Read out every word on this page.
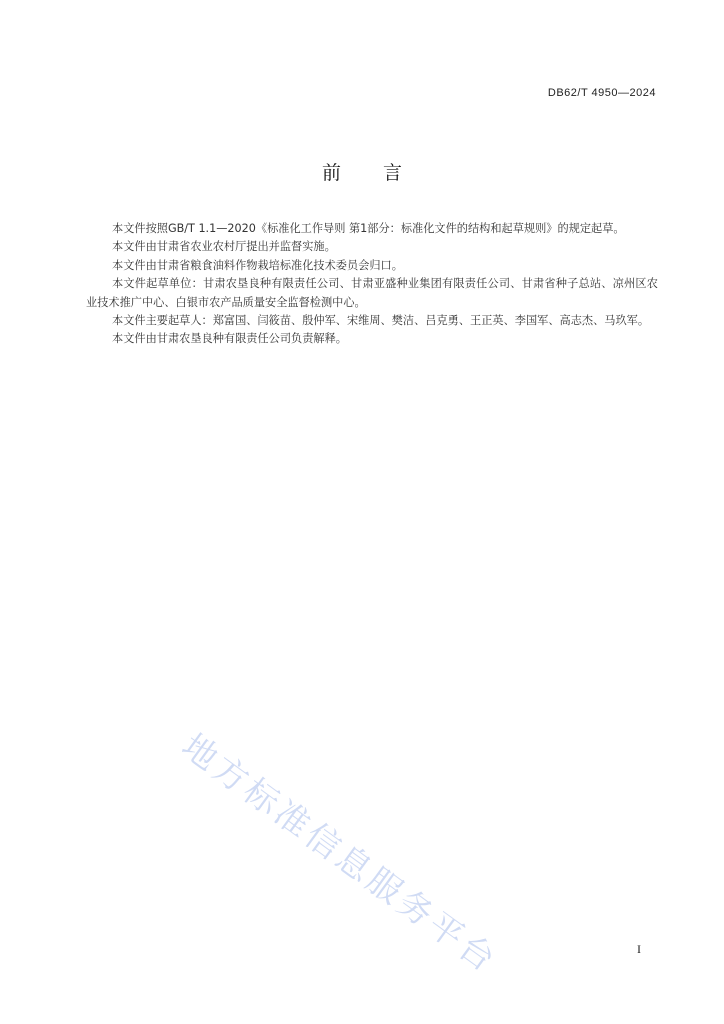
DB62/T 4950—2024
前言

本文件按照GB/T 1.1—2020《标准化工作导则 第1部分：标准化文件的结构和起草规则》的规定起草。

本文件由甘肃省农业农村厅提出并监督实施。

本文件由甘肃省粮食油料作物栽培标准化技术委员会归口。

本文件起草单位：甘肃农垦良种有限责任公司、甘肃亚盛种业集团有限责任公司、甘肃省种子总站、凉州区农业技术推广中心、白银市农产品质量安全监督检测中心。

本文件主要起草人：郑富国、闫筱苗、殷仲军、宋维周、樊洁、吕克勇、王正英、李国军、高志杰、马玖军。

本文件由甘肃农垦良种有限责任公司负责解释。

地方标准信息服务平台	I
